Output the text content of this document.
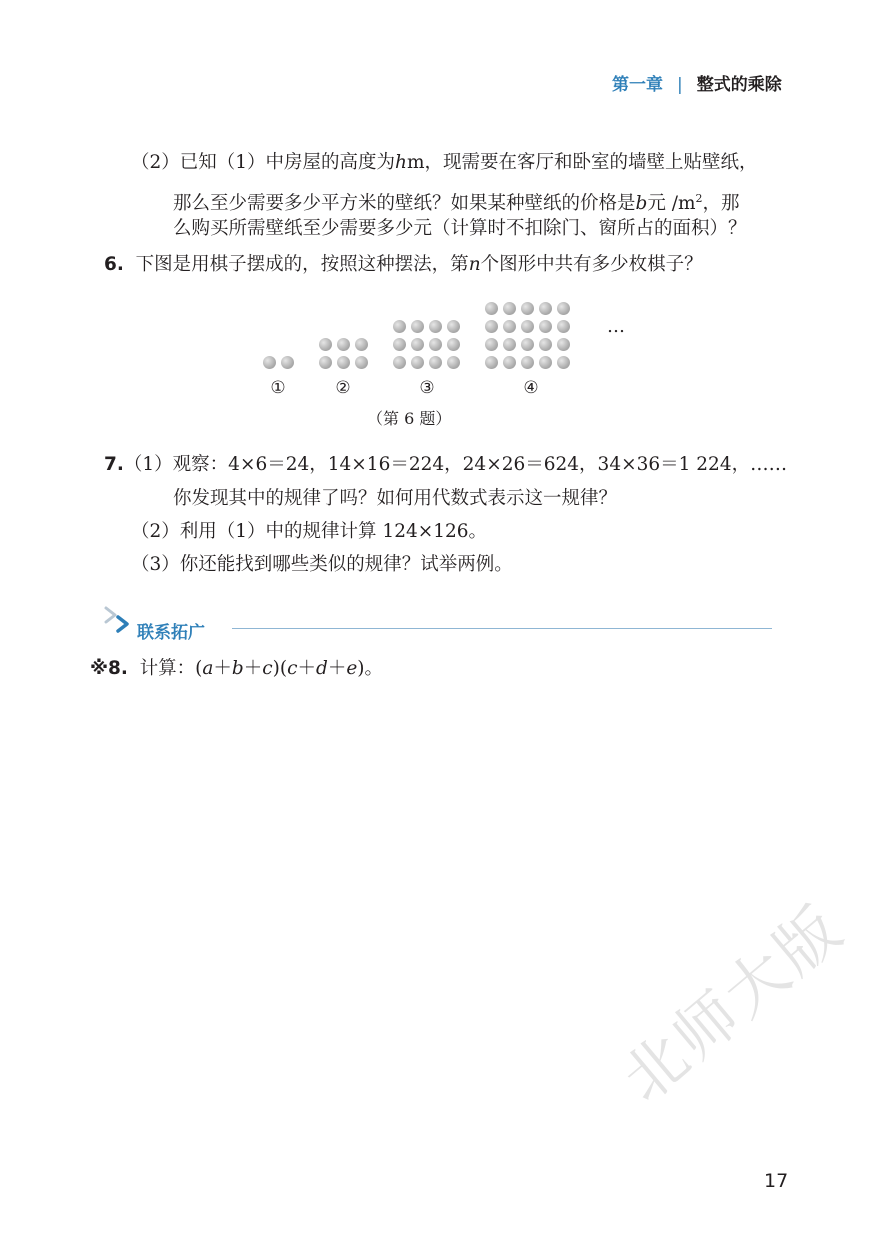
第一章 | 整式的乘除
（2）已知（1）中房屋的高度为hm，现需要在客厅和卧室的墙壁上贴壁纸，
那么至少需要多少平方米的壁纸？如果某种壁纸的价格是b元 $/m^2$，那
么购买所需壁纸至少需要多少元（计算时不扣除门、窗所占的面积）？
6. 下图是用棋子摆成的，按照这种摆法，第n个图形中共有多少枚棋子？
…
①	②	③	④
（第 6 题）
7.（1）观察：4×6＝24，14×16＝224，24×26＝624，34×36＝1 224，……
你发现其中的规律了吗？如何用代数式表示这一规律？
（2）利用（1）中的规律计算 124×126。
（3）你还能找到哪些类似的规律？试举两例。
联系拓广
※8. 计算：(a＋b＋c)(c＋d＋e)。
北师大版
17
